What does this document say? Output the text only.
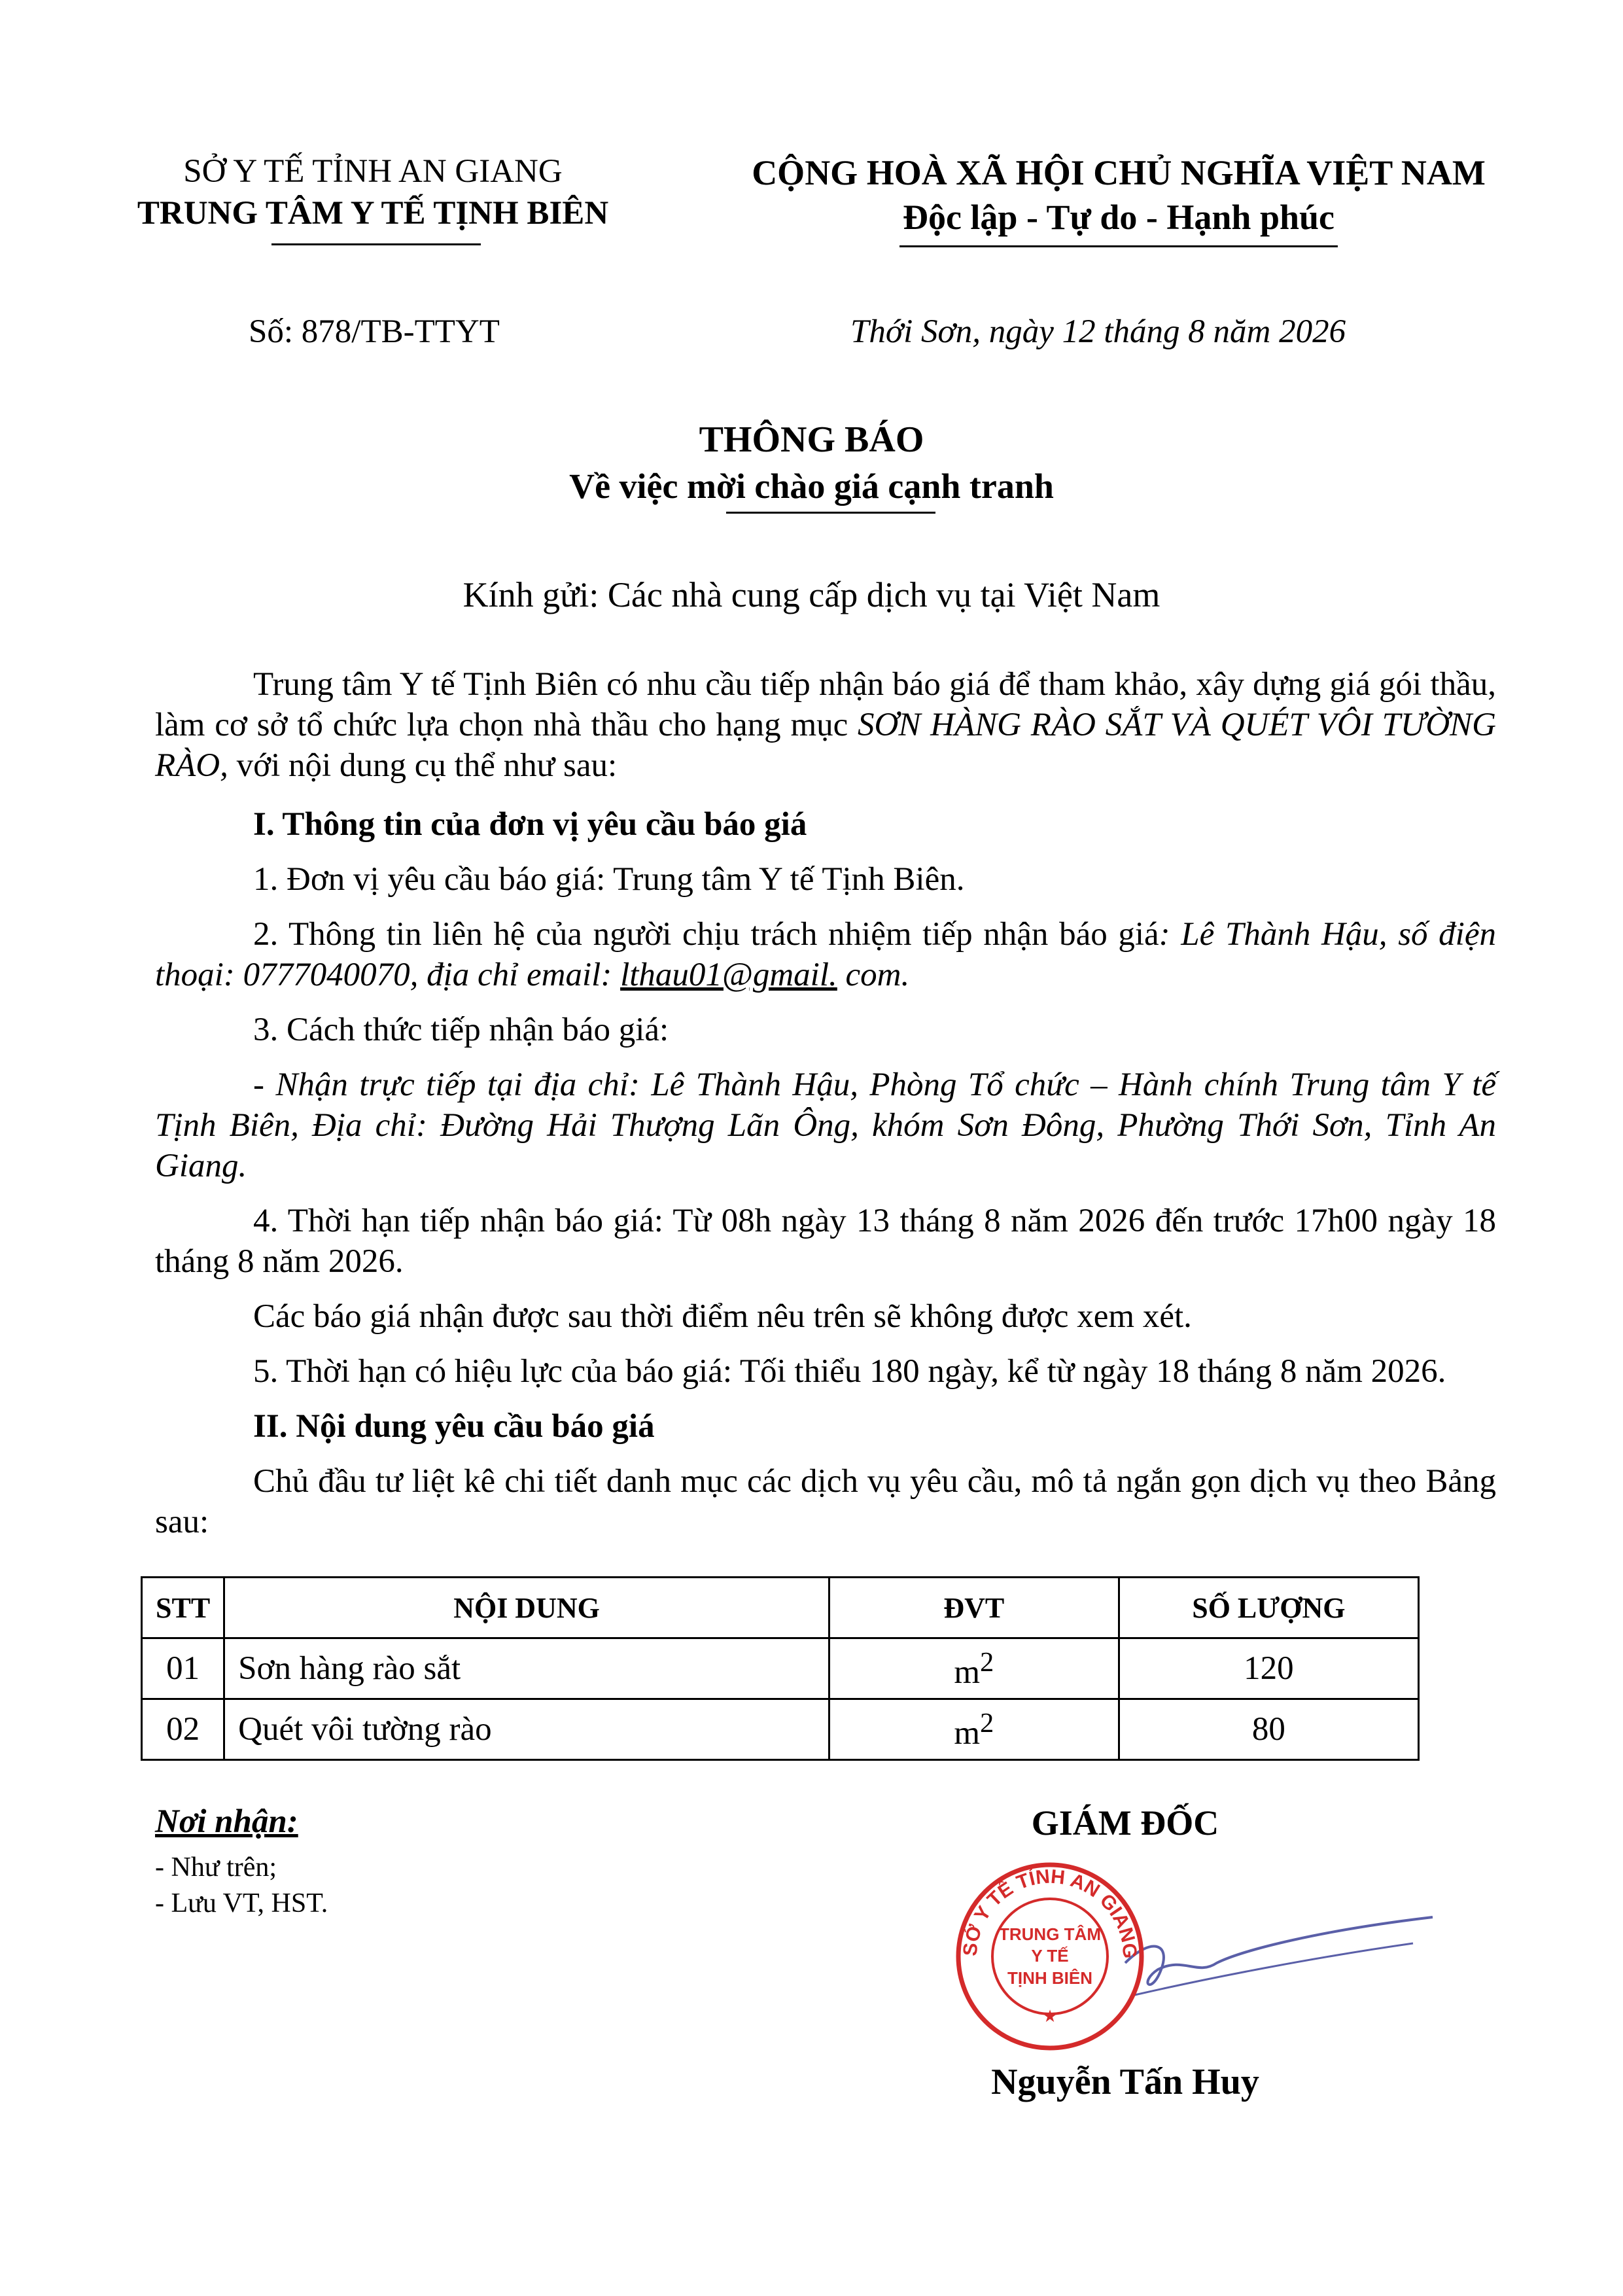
SỞ Y TẾ TỈNH AN GIANG
TRUNG TÂM Y TẾ TỊNH BIÊN
CỘNG HOÀ XÃ HỘI CHỦ NGHĨA VIỆT NAM
Độc lập - Tự do - Hạnh phúc
Số: 878/TB-TTYT	Thới Sơn, ngày 12 tháng 8 năm 2026
THÔNG BÁO
Về việc mời chào giá cạnh tranh
Kính gửi: Các nhà cung cấp dịch vụ tại Việt Nam

Trung tâm Y tế Tịnh Biên có nhu cầu tiếp nhận báo giá để tham khảo, xây dựng giá gói thầu, làm cơ sở tổ chức lựa chọn nhà thầu cho hạng mục SƠN HÀNG RÀO SẮT VÀ QUÉT VÔI TƯỜNG RÀO, với nội dung cụ thể như sau:

I. Thông tin của đơn vị yêu cầu báo giá

1. Đơn vị yêu cầu báo giá: Trung tâm Y tế Tịnh Biên.

2. Thông tin liên hệ của người chịu trách nhiệm tiếp nhận báo giá: Lê Thành Hậu, số điện thoại: 0777040070, địa chỉ email: lthau01@gmail. com.

3. Cách thức tiếp nhận báo giá:

- Nhận trực tiếp tại địa chỉ: Lê Thành Hậu, Phòng Tổ chức – Hành chính Trung tâm Y tế Tịnh Biên, Địa chỉ: Đường Hải Thượng Lãn Ông, khóm Sơn Đông, Phường Thới Sơn, Tỉnh An Giang.

4. Thời hạn tiếp nhận báo giá: Từ 08h ngày 13 tháng 8 năm 2026 đến trước 17h00 ngày 18 tháng 8 năm 2026.

Các báo giá nhận được sau thời điểm nêu trên sẽ không được xem xét.

5. Thời hạn có hiệu lực của báo giá: Tối thiểu 180 ngày, kể từ ngày 18 tháng 8 năm 2026.

II. Nội dung yêu cầu báo giá

Chủ đầu tư liệt kê chi tiết danh mục các dịch vụ yêu cầu, mô tả ngắn gọn dịch vụ theo Bảng sau:

STT	NỘI DUNG	ĐVT	SỐ LƯỢNG
01	Sơn hàng rào sắt	$m^2$	120
02	Quét vôi tường rào	$m^2$	80
Nơi nhận:
- Như trên;
- Lưu VT, HST.
GIÁM ĐỐC
SỞ Y TẾ TỈNH AN GIANG
TRUNG TÂM
Y TẾ
TỊNH BIÊN
★
Nguyễn Tấn Huy
